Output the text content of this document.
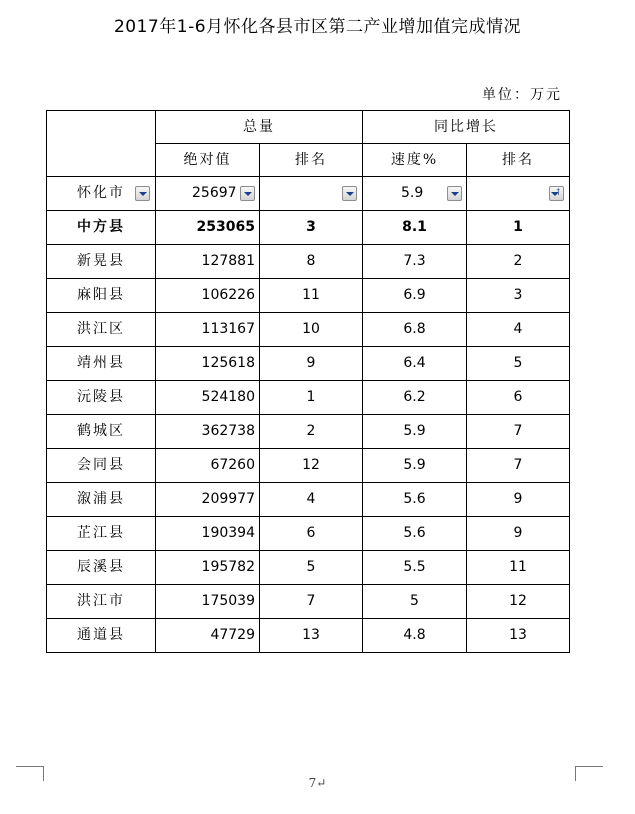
2017年1-6月怀化各县市区第二产业增加值完成情况
单位：万元
	总量		同比增长	
	绝对值	排名	速度%	排名

怀化市	25697		5.9	↑

中方县	253065	3	8.1	1
新晃县	127881	8	7.3	2
麻阳县	106226	11	6.9	3
洪江区	113167	10	6.8	4
靖州县	125618	9	6.4	5
沅陵县	524180	1	6.2	6
鹤城区	362738	2	5.9	7
会同县	67260	12	5.9	7
溆浦县	209977	4	5.6	9
芷江县	190394	6	5.6	9
辰溪县	195782	5	5.5	11
洪江市	175039	7	5	12
通道县	47729	13	4.8	13
7↵
